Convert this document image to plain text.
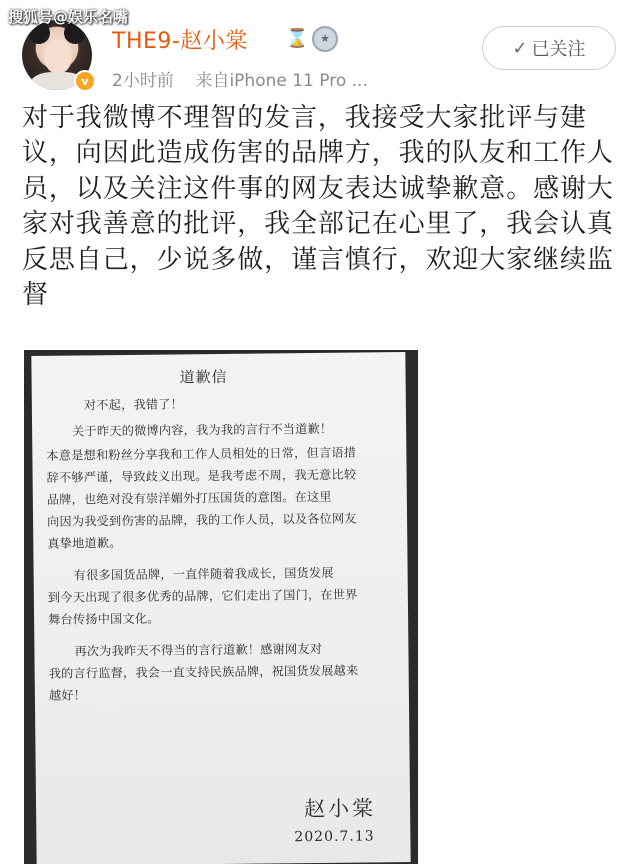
搜狐号@娱乐名嘴
v
THE9-赵小棠 ⌛	★
2小时前 来自iPhone 11 Pro ...
✓ 已关注

对于我微博不理智的发言，我接受大家批评与建议，向因此造成伤害的品牌方，我的队友和工作人员，以及关注这件事的网友表达诚挚歉意。感谢大家对我善意的批评，我全部记在心里了，我会认真反思自己，少说多做，谨言慎行，欢迎大家继续监督

道歉信
对不起，我错了！
关于昨天的微博内容，我为我的言行不当道歉！
本意是想和粉丝分享我和工作人员相处的日常，但言语措
辞不够严谨，导致歧义出现。是我考虑不周，我无意比较
品牌，也绝对没有崇洋媚外打压国货的意图。在这里
向因为我受到伤害的品牌，我的工作人员，以及各位网友
真挚地道歉。
有很多国货品牌，一直伴随着我成长，国货发展
到今天出现了很多优秀的品牌，它们走出了国门，在世界
舞台传扬中国文化。
再次为我昨天不得当的言行道歉！感谢网友对
我的言行监督，我会一直支持民族品牌，祝国货发展越来
越好！
赵小棠
2020.7.13
